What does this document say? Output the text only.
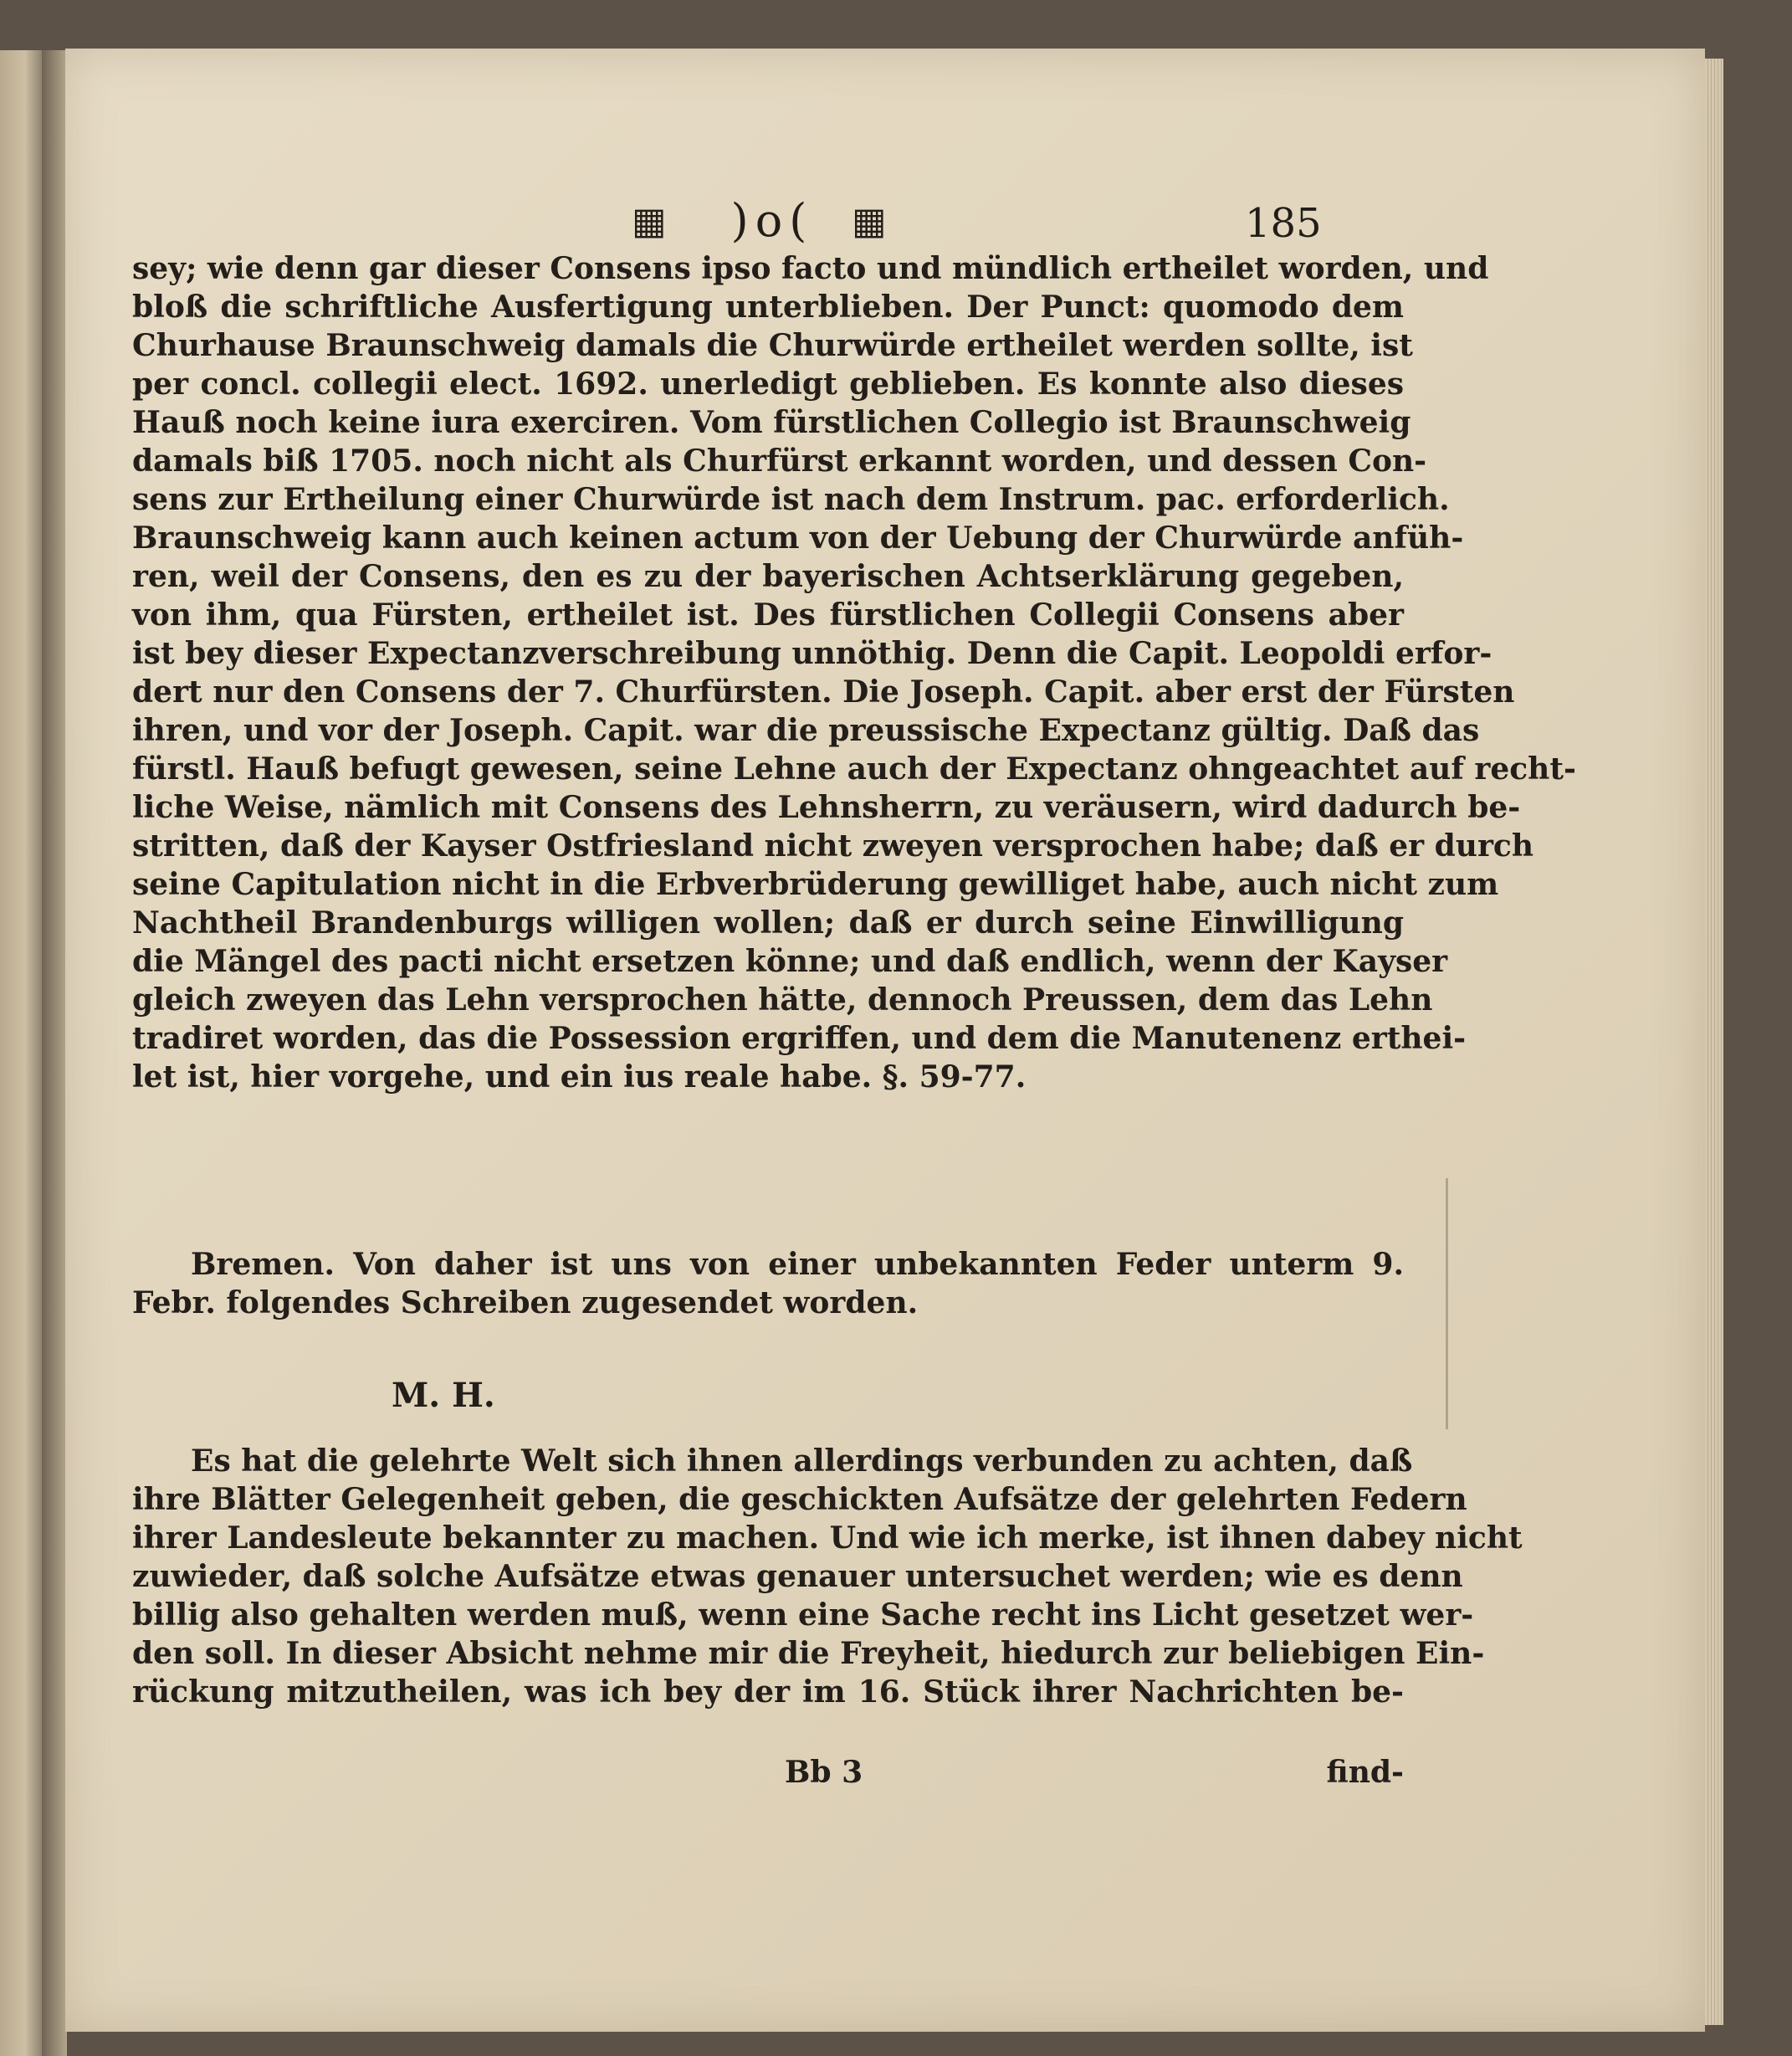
▦	)o(	▦	185
sey; wie denn gar dieser Consens ipso facto und mündlich ertheilet worden, und
bloß die schriftliche Ausfertigung unterblieben. Der Punct: quomodo dem
Churhause Braunschweig damals die Churwürde ertheilet werden sollte, ist
per concl. collegii elect. 1692. unerledigt geblieben. Es konnte also dieses
Hauß noch keine iura exerciren. Vom fürstlichen Collegio ist Braunschweig
damals biß 1705. noch nicht als Churfürst erkannt worden, und dessen Con-
sens zur Ertheilung einer Churwürde ist nach dem Instrum. pac. erforderlich.
Braunschweig kann auch keinen actum von der Uebung der Churwürde anfüh-
ren, weil der Consens, den es zu der bayerischen Achtserklärung gegeben,
von ihm, qua Fürsten, ertheilet ist. Des fürstlichen Collegii Consens aber
ist bey dieser Expectanzverschreibung unnöthig. Denn die Capit. Leopoldi erfor-
dert nur den Consens der 7. Churfürsten. Die Joseph. Capit. aber erst der Fürsten
ihren, und vor der Joseph. Capit. war die preussische Expectanz gültig. Daß das
fürstl. Hauß befugt gewesen, seine Lehne auch der Expectanz ohngeachtet auf recht-
liche Weise, nämlich mit Consens des Lehnsherrn, zu veräusern, wird dadurch be-
stritten, daß der Kayser Ostfriesland nicht zweyen versprochen habe; daß er durch
seine Capitulation nicht in die Erbverbrüderung gewilliget habe, auch nicht zum
Nachtheil Brandenburgs willigen wollen; daß er durch seine Einwilligung
die Mängel des pacti nicht ersetzen könne; und daß endlich, wenn der Kayser
gleich zweyen das Lehn versprochen hätte, dennoch Preussen, dem das Lehn
tradiret worden, das die Possession ergriffen, und dem die Manutenenz erthei-
let ist, hier vorgehe, und ein ius reale habe. §. 59-77.
Bremen. Von daher ist uns von einer unbekannten Feder unterm 9.
Febr. folgendes Schreiben zugesendet worden.
M. H.
Es hat die gelehrte Welt sich ihnen allerdings verbunden zu achten, daß
ihre Blätter Gelegenheit geben, die geschickten Aufsätze der gelehrten Federn
ihrer Landesleute bekannter zu machen. Und wie ich merke, ist ihnen dabey nicht
zuwieder, daß solche Aufsätze etwas genauer untersuchet werden; wie es denn
billig also gehalten werden muß, wenn eine Sache recht ins Licht gesetzet wer-
den soll. In dieser Absicht nehme mir die Freyheit, hiedurch zur beliebigen Ein-
rückung mitzutheilen, was ich bey der im 16. Stück ihrer Nachrichten be-
Bb 3	find-
